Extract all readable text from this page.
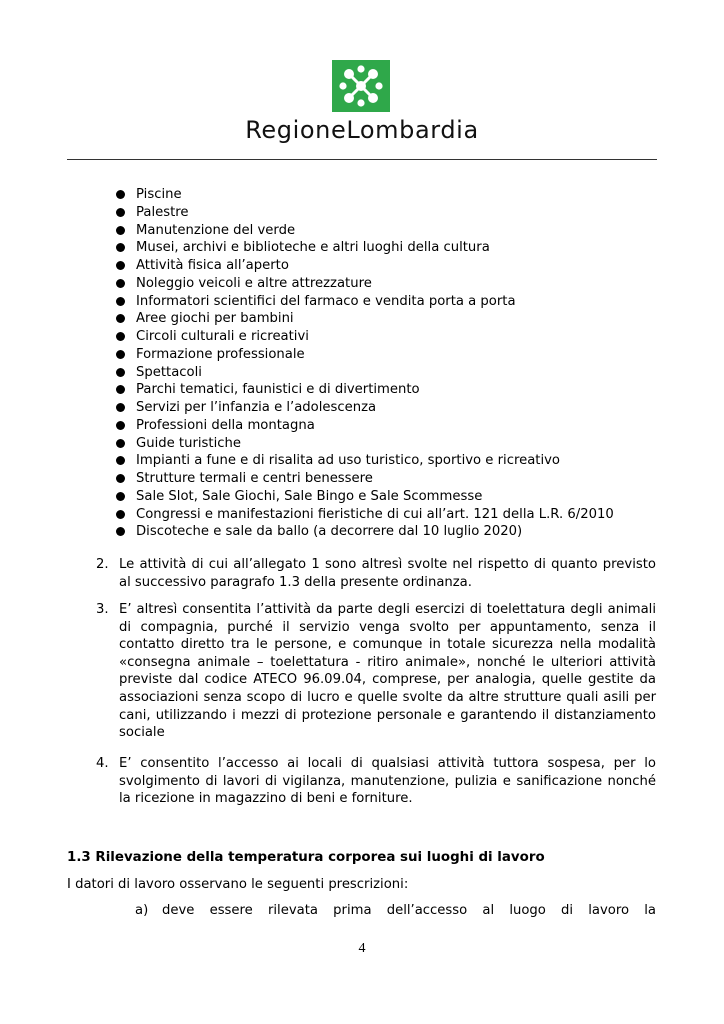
RegioneLombardia
Piscine
Palestre
Manutenzione del verde
Musei, archivi e biblioteche e altri luoghi della cultura
Attività fisica all’aperto
Noleggio veicoli e altre attrezzature
Informatori scientifici del farmaco e vendita porta a porta
Aree giochi per bambini
Circoli culturali e ricreativi
Formazione professionale
Spettacoli
Parchi tematici, faunistici e di divertimento
Servizi per l’infanzia e l’adolescenza
Professioni della montagna
Guide turistiche
Impianti a fune e di risalita ad uso turistico, sportivo e ricreativo
Strutture termali e centri benessere
Sale Slot, Sale Giochi, Sale Bingo e Sale Scommesse
Congressi e manifestazioni fieristiche di cui all’art. 121 della L.R. 6/2010
Discoteche e sale da ballo (a decorrere dal 10 luglio 2020)
2. Le attività di cui all’allegato 1 sono altresì svolte nel rispetto di quanto previsto al successivo paragrafo 1.3 della presente ordinanza.
3. E’ altresì consentita l’attività da parte degli esercizi di toelettatura degli animali di compagnia, purché il servizio venga svolto per appuntamento, senza il contatto diretto tra le persone, e comunque in totale sicurezza nella modalità «consegna animale – toelettatura - ritiro animale», nonché le ulteriori attività previste dal codice ATECO 96.09.04, comprese, per analogia, quelle gestite da associazioni senza scopo di lucro e quelle svolte da altre strutture quali asili per cani, utilizzando i mezzi di protezione personale e garantendo il distanziamento sociale
4. E’ consentito l’accesso ai locali di qualsiasi attività tuttora sospesa, per lo svolgimento di lavori di vigilanza, manutenzione, pulizia e sanificazione nonché la ricezione in magazzino di beni e forniture.
1.3 Rilevazione della temperatura corporea sui luoghi di lavoro
I datori di lavoro osservano le seguenti prescrizioni:
a) deve essere rilevata prima dell’accesso al luogo di lavoro la
4
